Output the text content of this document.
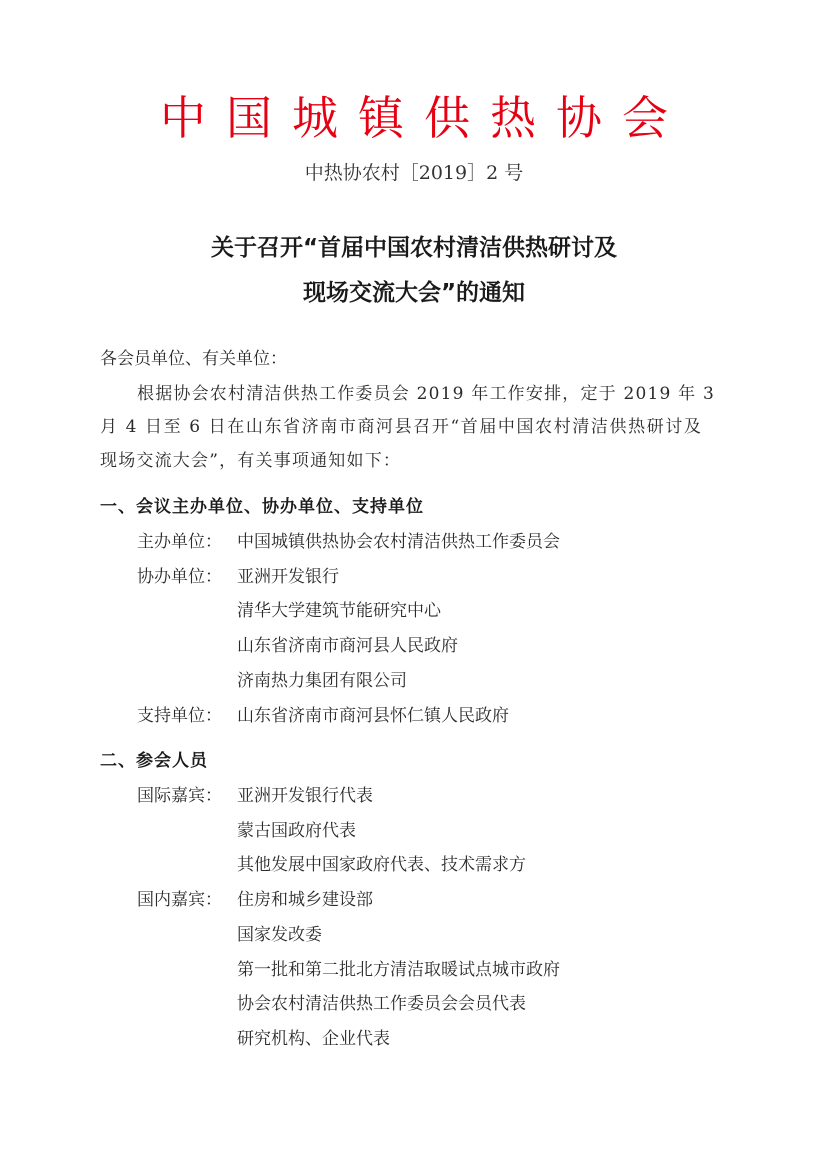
中国城镇供热协会
中热协农村［2019］2 号
关于召开“首届中国农村清洁供热研讨及
现场交流大会”的通知
各会员单位、有关单位：
根据协会农村清洁供热工作委员会 2019 年工作安排，定于 2019 年 3
月 4 日至 6 日在山东省济南市商河县召开“首届中国农村清洁供热研讨及
现场交流大会”，有关事项通知如下：
一、会议主办单位、协办单位、支持单位
主办单位： 中国城镇供热协会农村清洁供热工作委员会
协办单位： 亚洲开发银行
清华大学建筑节能研究中心
山东省济南市商河县人民政府
济南热力集团有限公司
支持单位： 山东省济南市商河县怀仁镇人民政府
二、参会人员
国际嘉宾： 亚洲开发银行代表
蒙古国政府代表
其他发展中国家政府代表、技术需求方
国内嘉宾： 住房和城乡建设部
国家发改委
第一批和第二批北方清洁取暖试点城市政府
协会农村清洁供热工作委员会会员代表
研究机构、企业代表
